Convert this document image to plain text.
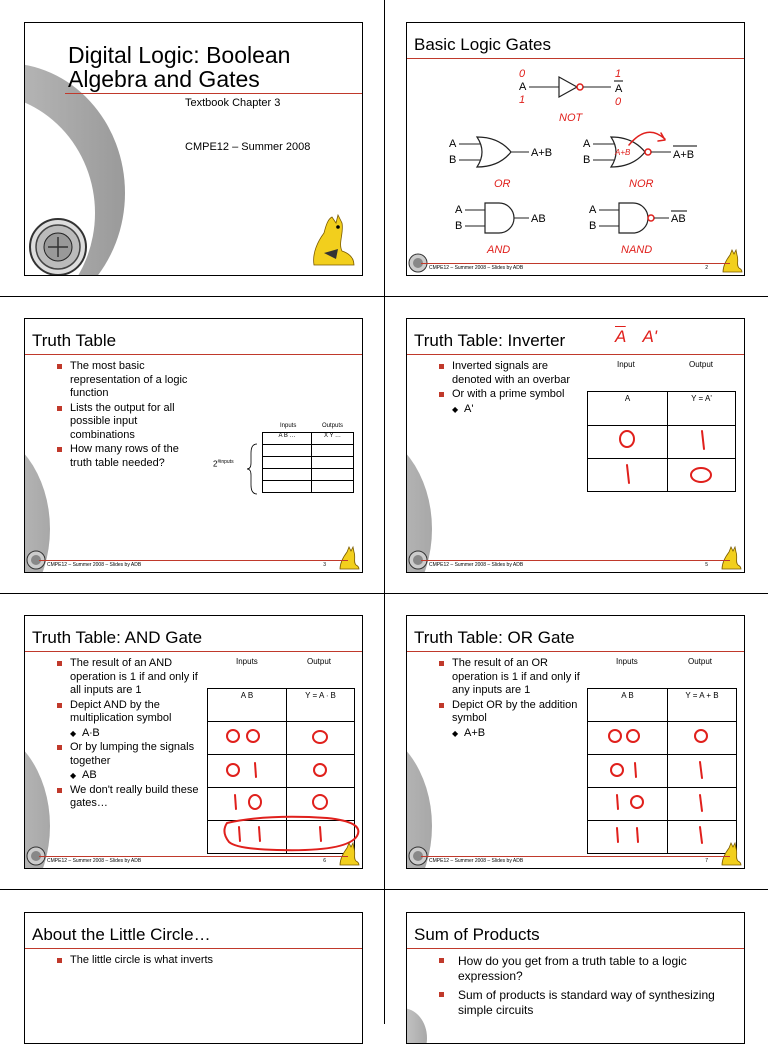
Digital Logic: Boolean
Algebra and Gates
Textbook Chapter 3
CMPE12 – Summer 2008
Basic Logic Gates
0
A
1
1
A
0
NOT
A
B
A+B
OR
A
B
A+B	A+B
NOR
A
B
AB
AND
A
B
AB
NAND
CMPE12 – Summer 2008 – Slides by ADB	2
Truth Table
The most basic representation of a logic function
Lists the output for all possible input combinations
How many rows of the truth table needed?
Inputs	Outputs
A B …	X Y …

$2^{\#inputs}$
CMPE12 – Summer 2008 – Slides by ADB	3
Truth Table: Inverter	$\overline{A}$ A'
Inverted signals are denoted with an overbar
Or with a prime symbol
◆ A'
Input	Output
A	Y = A'

CMPE12 – Summer 2008 – Slides by ADB	5
Truth Table: AND Gate
The result of an AND operation is 1 if and only if all inputs are 1
Depict AND by the multiplication symbol
◆ A∙B
Or by lumping the signals together
◆ AB
We don't really build these gates…
Inputs	Output
A B	Y = A ∙ B

CMPE12 – Summer 2008 – Slides by ADB	6
Truth Table: OR Gate
The result of an OR operation is 1 if and only if any inputs are 1
Depict OR by the addition symbol
◆ A+B
Inputs	Output
A B	Y = A + B

CMPE12 – Summer 2008 – Slides by ADB	7
About the Little Circle…
The little circle is what inverts
Sum of Products
How do you get from a truth table to a logic expression?
Sum of products is standard way of synthesizing simple circuits
